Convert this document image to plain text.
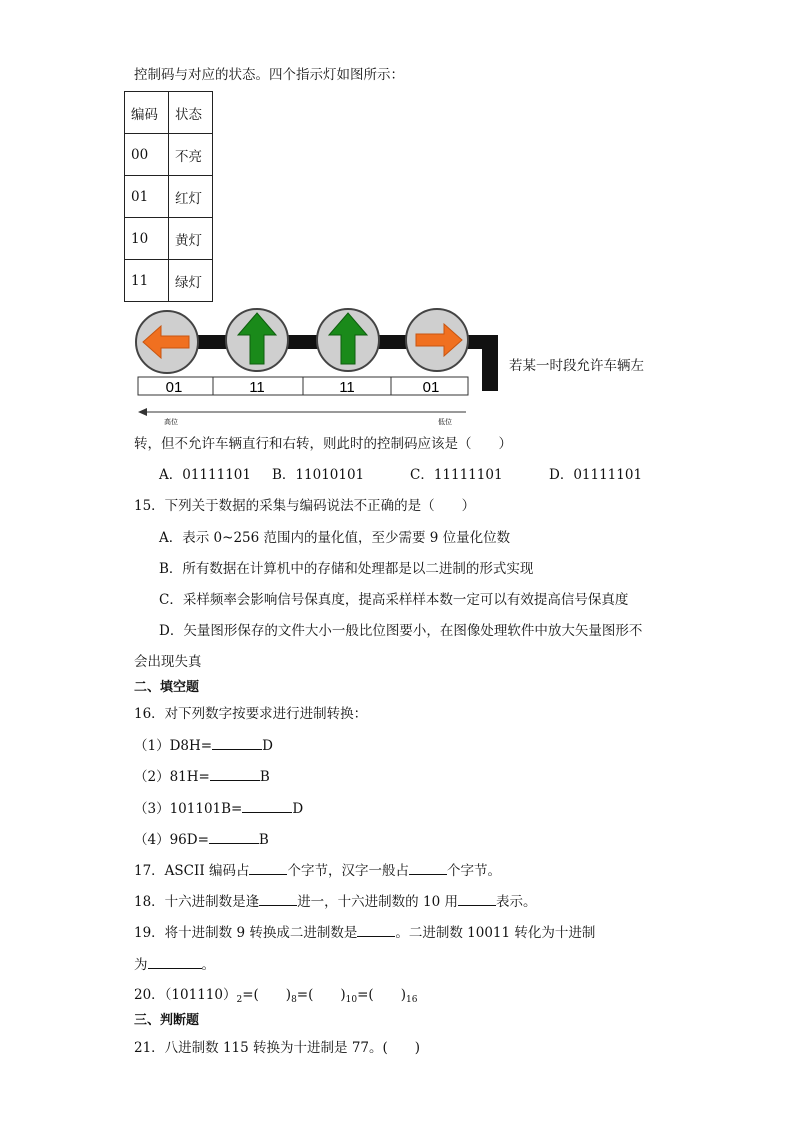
控制码与对应的状态。四个指示灯如图所示：
编码	状态
00	不亮
01	红灯
10	黄灯
11	绿灯
01	11	11	01
高位	低位
若某一时段允许车辆左
转，但不允许车辆直行和右转，则此时的控制码应该是（　　）
A．01111101 B．11010101	C．11111101	D．01111101
15．下列关于数据的采集与编码说法不正确的是（　　）
A．表示 0~256 范围内的量化值，至少需要 9 位量化位数
B．所有数据在计算机中的存储和处理都是以二进制的形式实现
C．采样频率会影响信号保真度，提高采样样本数一定可以有效提高信号保真度
D．矢量图形保存的文件大小一般比位图要小，在图像处理软件中放大矢量图形不
会出现失真
二、填空题
16．对下列数字按要求进行进制转换：
（1）D8H=	D
（2）81H=	B
（3）101101B=	D
（4）96D=	B
17．ASCII 编码占	个字节，汉字一般占	个字节。
18．十六进制数是逢	进一，十六进制数的 10 用	表示。
19．将十进制数 9 转换成二进制数是	。二进制数 10011 转化为十进制
为	。
20．$(101110)_2=$(　　)$_8=$(　　)$_{10}=$(　　)$_{16}$
三、判断题
21．八进制数 115 转换为十进制是 77。(　　)
